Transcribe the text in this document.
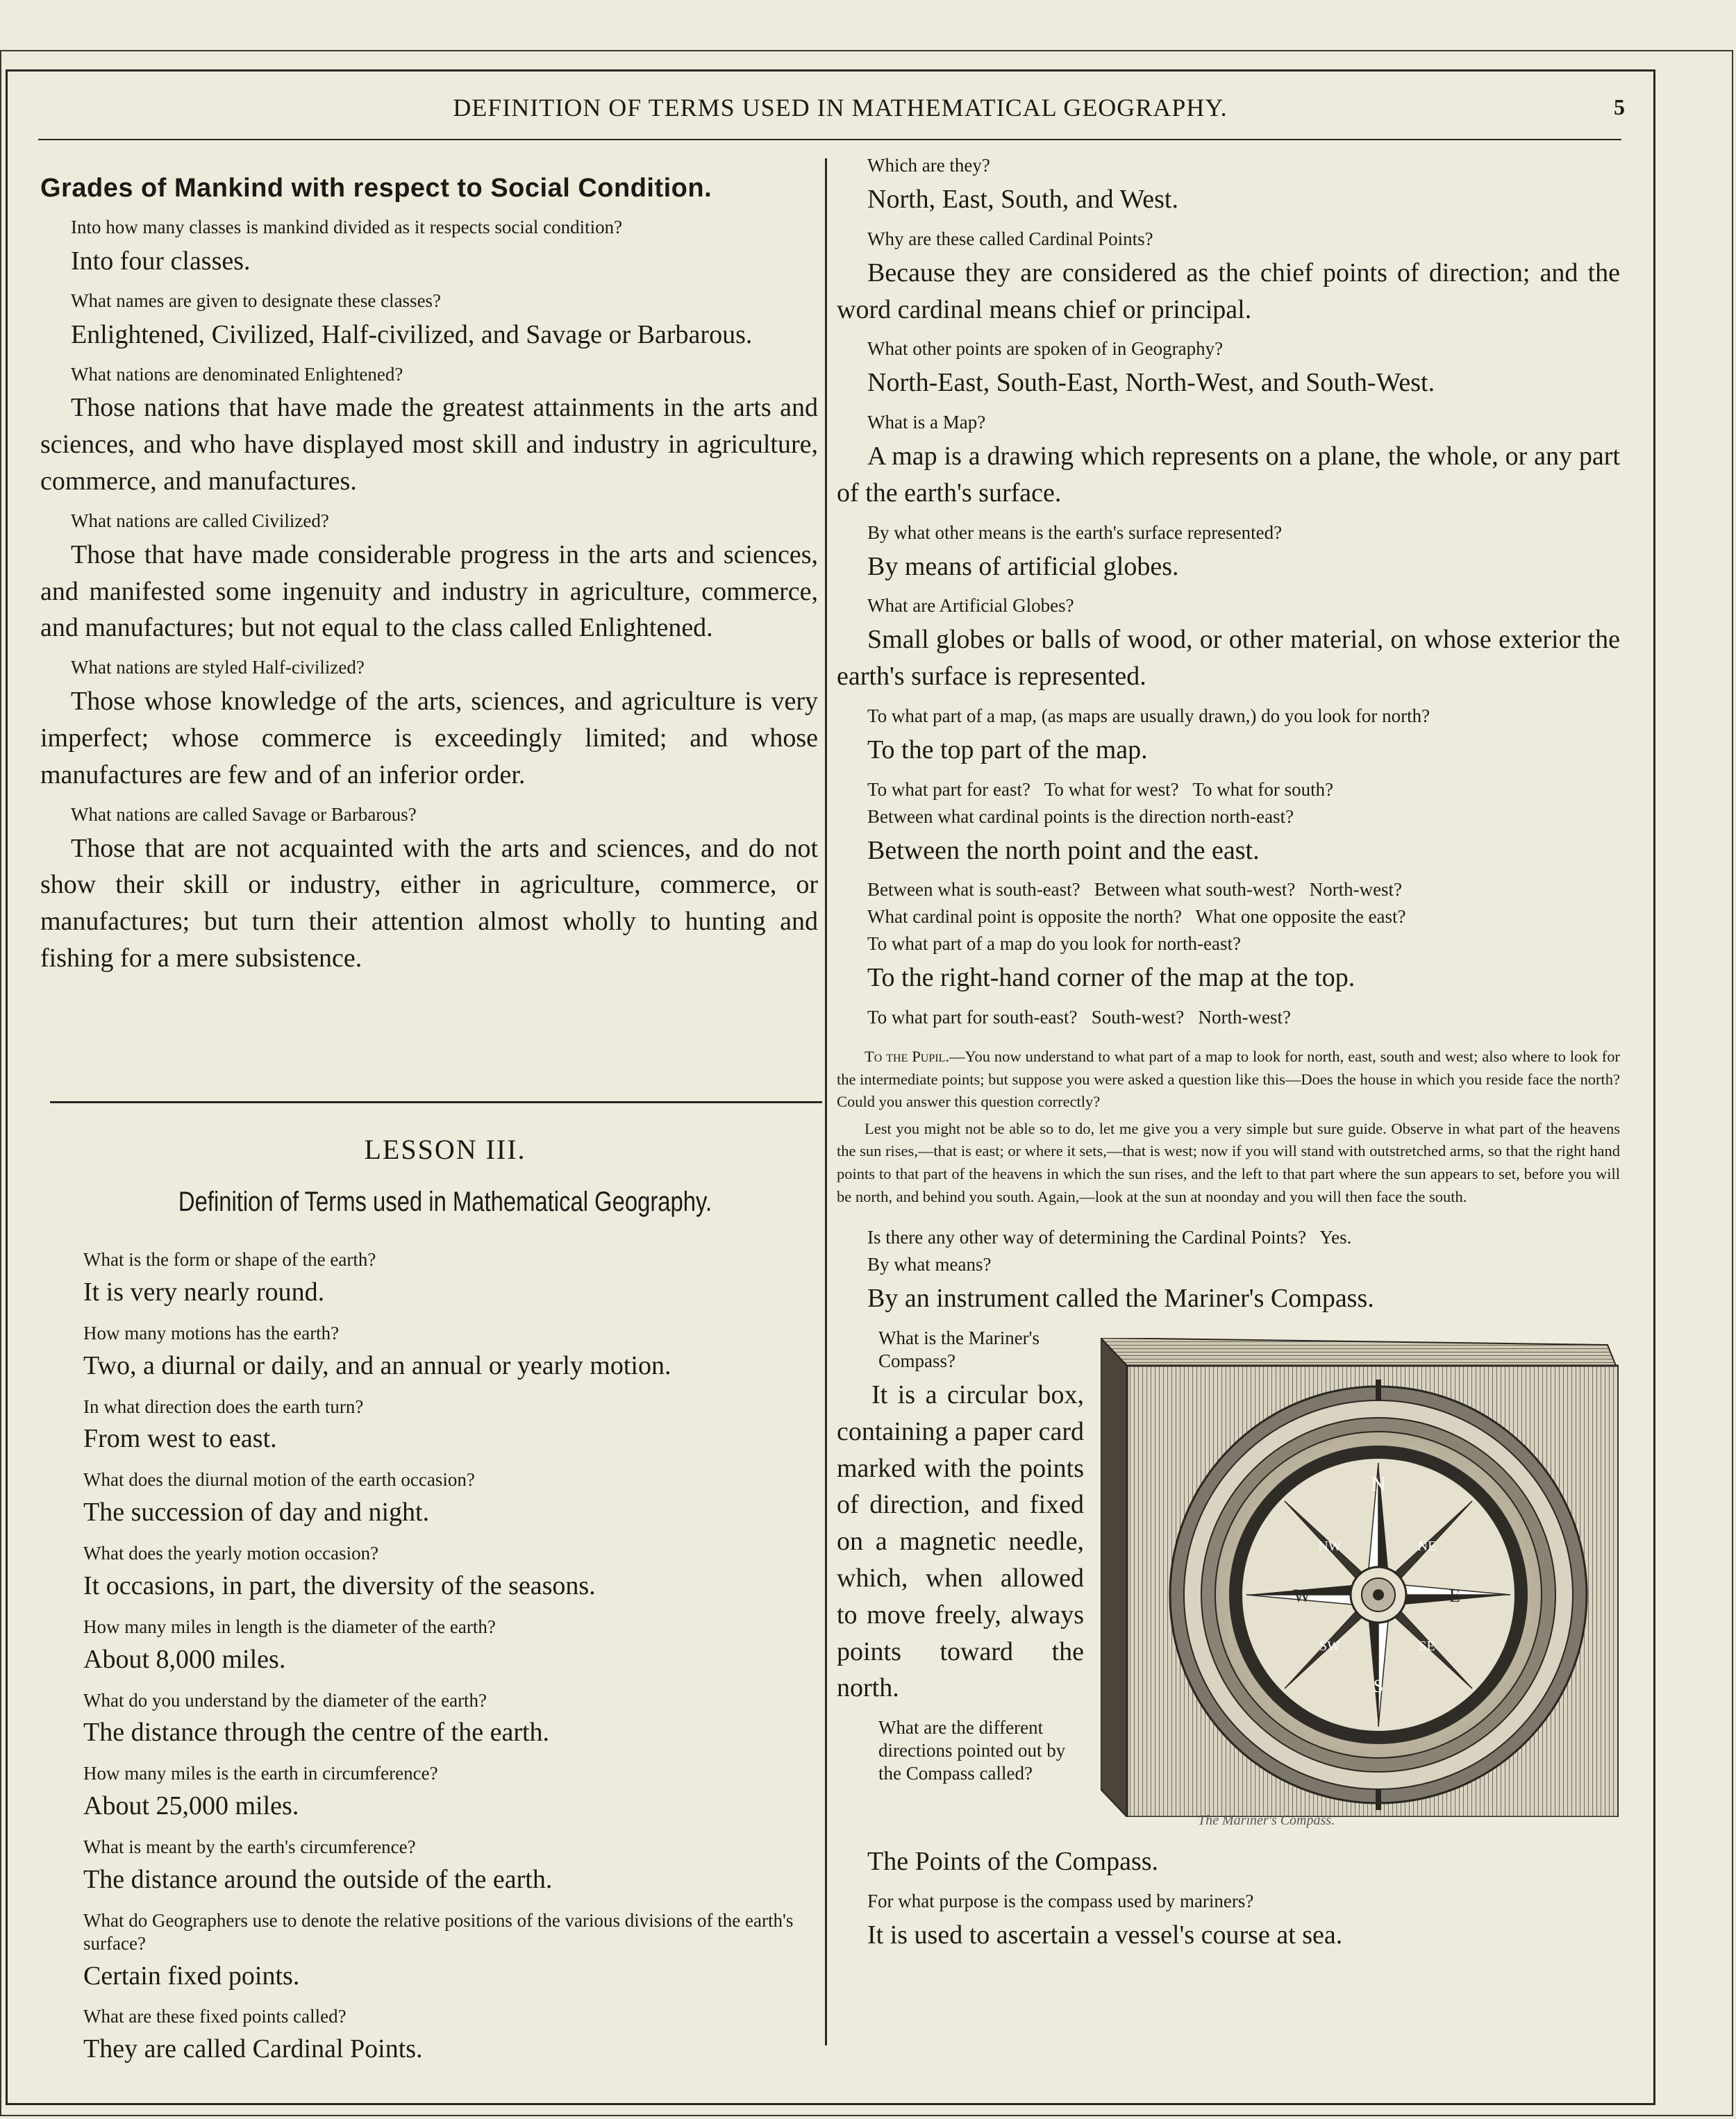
DEFINITION OF TERMS USED IN MATHEMATICAL GEOGRAPHY.	5
Grades of Mankind with respect to Social Condition.

Into how many classes is mankind divided as it respects social condition?

Into four classes.

What names are given to designate these classes?

Enlightened, Civilized, Half-civilized, and Savage or Barbarous.

What nations are denominated Enlightened?

Those nations that have made the greatest attainments in the arts and sciences, and who have displayed most skill and industry in agriculture, commerce, and manufactures.

What nations are called Civilized?

Those that have made considerable progress in the arts and sciences, and manifested some ingenuity and industry in agriculture, commerce, and manufactures; but not equal to the class called Enlightened.

What nations are styled Half-civilized?

Those whose knowledge of the arts, sciences, and agriculture is very imperfect; whose commerce is exceedingly limited; and whose manufactures are few and of an inferior order.

What nations are called Savage or Barbarous?

Those that are not acquainted with the arts and sciences, and do not show their skill or industry, either in agriculture, commerce, or manufactures; but turn their attention almost wholly to hunting and fishing for a mere subsistence.

LESSON III.
Definition of Terms used in Mathematical Geography.

What is the form or shape of the earth?

It is very nearly round.

How many motions has the earth?

Two, a diurnal or daily, and an annual or yearly motion.

In what direction does the earth turn?

From west to east.

What does the diurnal motion of the earth occasion?

The succession of day and night.

What does the yearly motion occasion?

It occasions, in part, the diversity of the seasons.

How many miles in length is the diameter of the earth?

About 8,000 miles.

What do you understand by the diameter of the earth?

The distance through the centre of the earth.

How many miles is the earth in circumference?

About 25,000 miles.

What is meant by the earth's circumference?

The distance around the outside of the earth.

What do Geographers use to denote the relative positions of the various divisions of the earth's surface?

Certain fixed points.

What are these fixed points called?

They are called Cardinal Points.

Which are they?

North, East, South, and West.

Why are these called Cardinal Points?

Because they are considered as the chief points of direction; and the word cardinal means chief or principal.

What other points are spoken of in Geography?

North-East, South-East, North-West, and South-West.

What is a Map?

A map is a drawing which represents on a plane, the whole, or any part of the earth's surface.

By what other means is the earth's surface represented?

By means of artificial globes.

What are Artificial Globes?

Small globes or balls of wood, or other material, on whose exterior the earth's surface is represented.

To what part of a map, (as maps are usually drawn,) do you look for north?

To the top part of the map.

To what part for east?   To what for west?   To what for south?

Between what cardinal points is the direction north-east?

Between the north point and the east.

Between what is south-east?   Between what south-west?   North-west?

What cardinal point is opposite the north?   What one opposite the east?

To what part of a map do you look for north-east?

To the right-hand corner of the map at the top.

To what part for south-east?   South-west?   North-west?

To the Pupil.—You now understand to what part of a map to look for north, east, south and west; also where to look for the intermediate points; but suppose you were asked a question like this—Does the house in which you reside face the north? Could you answer this question correctly?

Lest you might not be able so to do, let me give you a very simple but sure guide. Observe in what part of the heavens the sun rises,—that is east; or where it sets,—that is west; now if you will stand with outstretched arms, so that the right hand points to that part of the heavens in which the sun rises, and the left to that part where the sun appears to set, before you will be north, and behind you south. Again,—look at the sun at noonday and you will then face the south.

Is there any other way of determining the Cardinal Points?   Yes.

By what means?

By an instrument called the Mariner's Compass.

What is the Mariner's Compass?

It is a circular box, containing a paper card marked with the points of direction, and fixed on a magnetic needle, which, when allowed to move freely, always points toward the north.

What are the different directions pointed out by the Compass called?

N
E
S
W
NE
NW
SE
SW
The Mariner's Compass.

The Points of the Compass.

For what purpose is the compass used by mariners?

It is used to ascertain a vessel's course at sea.
